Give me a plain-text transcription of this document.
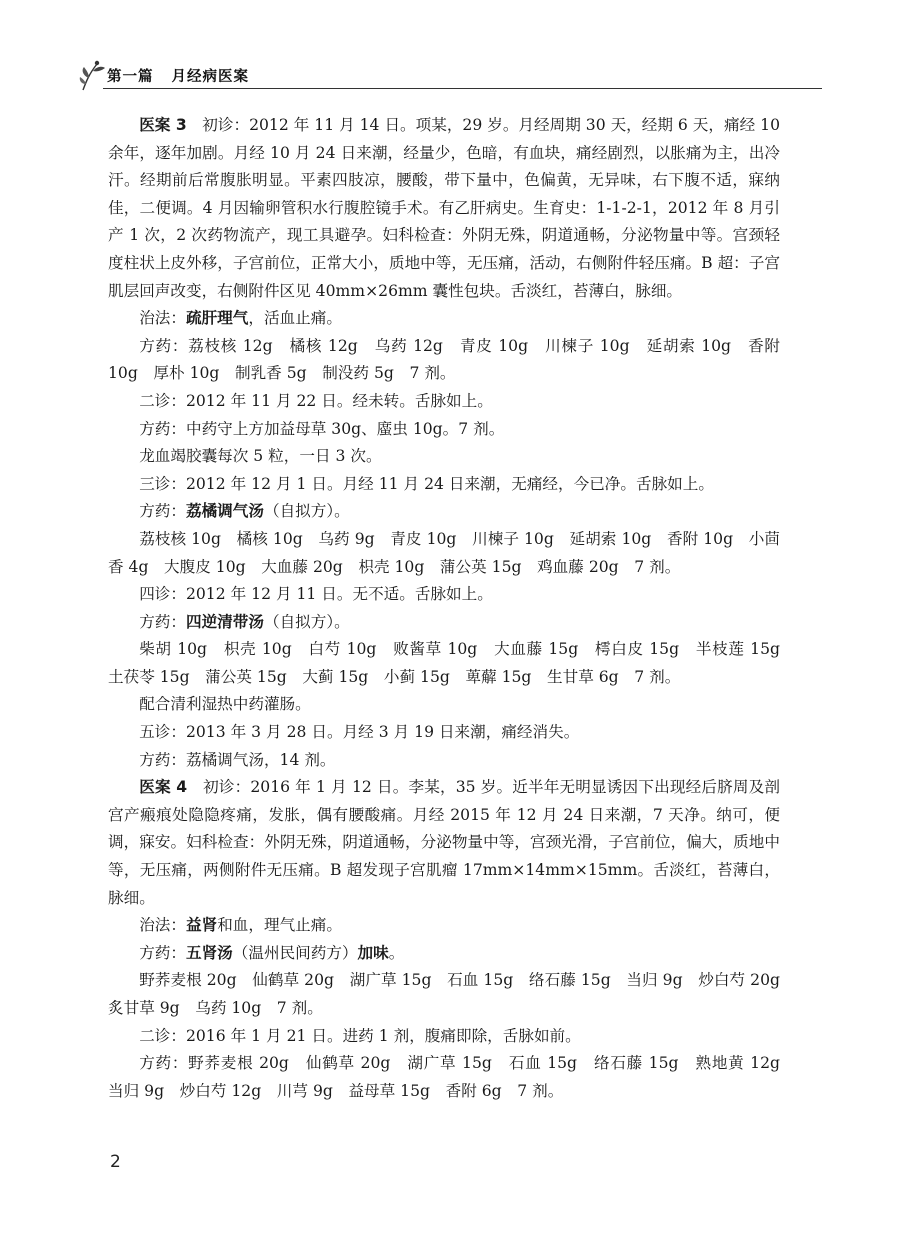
第一篇 月经病医案

医案 3　 初诊：2012 年 11 月 14 日。项某，29 岁。月经周期 30 天，经期 6 天，痛经 10 余年，逐年加剧。月经 10 月 24 日来潮，经量少，色暗，有血块，痛经剧烈，以胀痛为主，出冷汗。经期前后常腹胀明显。平素四肢凉，腰酸，带下量中，色偏黄，无异味，右下腹不适，寐纳佳，二便调。4 月因输卵管积水行腹腔镜手术。有乙肝病史。生育史：1-1-2-1，2012 年 8 月引产 1 次，2 次药物流产，现工具避孕。妇科检查：外阴无殊，阴道通畅，分泌物量中等。宫颈轻度柱状上皮外移，子宫前位，正常大小，质地中等，无压痛，活动，右侧附件轻压痛。B 超：子宫肌层回声改变，右侧附件区见 40mm×26mm 囊性包块。舌淡红，苔薄白，脉细。

治法：疏肝理气，活血止痛。

方药：荔枝核 12g　橘核 12g　乌药 12g　青皮 10g　川楝子 10g　延胡索 10g　香附 10g　厚朴 10g　制乳香 5g　制没药 5g　7 剂。

二诊：2012 年 11 月 22 日。经未转。舌脉如上。

方药：中药守上方加益母草 30g、䗪虫 10g。7 剂。

龙血竭胶囊每次 5 粒，一日 3 次。

三诊：2012 年 12 月 1 日。月经 11 月 24 日来潮，无痛经，今已净。舌脉如上。

方药：荔橘调气汤（自拟方）。

荔枝核 10g　橘核 10g　乌药 9g　青皮 10g　川楝子 10g　延胡索 10g　香附 10g　小茴香 4g　大腹皮 10g　大血藤 20g　枳壳 10g　蒲公英 15g　鸡血藤 20g　7 剂。

四诊：2012 年 12 月 11 日。无不适。舌脉如上。

方药：四逆清带汤（自拟方）。

柴胡 10g　枳壳 10g　白芍 10g　败酱草 10g　大血藤 15g　樗白皮 15g　半枝莲 15g　土茯苓 15g　蒲公英 15g　大蓟 15g　小蓟 15g　萆薢 15g　生甘草 6g　7 剂。

配合清利湿热中药灌肠。

五诊：2013 年 3 月 28 日。月经 3 月 19 日来潮，痛经消失。

方药：荔橘调气汤，14 剂。

医案 4　 初诊：2016 年 1 月 12 日。李某，35 岁。近半年无明显诱因下出现经后脐周及剖宫产瘢痕处隐隐疼痛，发胀，偶有腰酸痛。月经 2015 年 12 月 24 日来潮，7 天净。纳可，便调，寐安。妇科检查：外阴无殊，阴道通畅，分泌物量中等，宫颈光滑，子宫前位，偏大，质地中等，无压痛，两侧附件无压痛。B 超发现子宫肌瘤 17mm×14mm×15mm。舌淡红，苔薄白，脉细。

治法：益肾和血，理气止痛。

方药：五肾汤（温州民间药方）加味。

野荞麦根 20g　仙鹤草 20g　湖广草 15g　石血 15g　络石藤 15g　当归 9g　炒白芍 20g　炙甘草 9g　乌药 10g　7 剂。

二诊：2016 年 1 月 21 日。进药 1 剂，腹痛即除，舌脉如前。

方药：野荞麦根 20g　仙鹤草 20g　湖广草 15g　石血 15g　络石藤 15g　熟地黄 12g　当归 9g　炒白芍 12g　川芎 9g　益母草 15g　香附 6g　7 剂。

2
